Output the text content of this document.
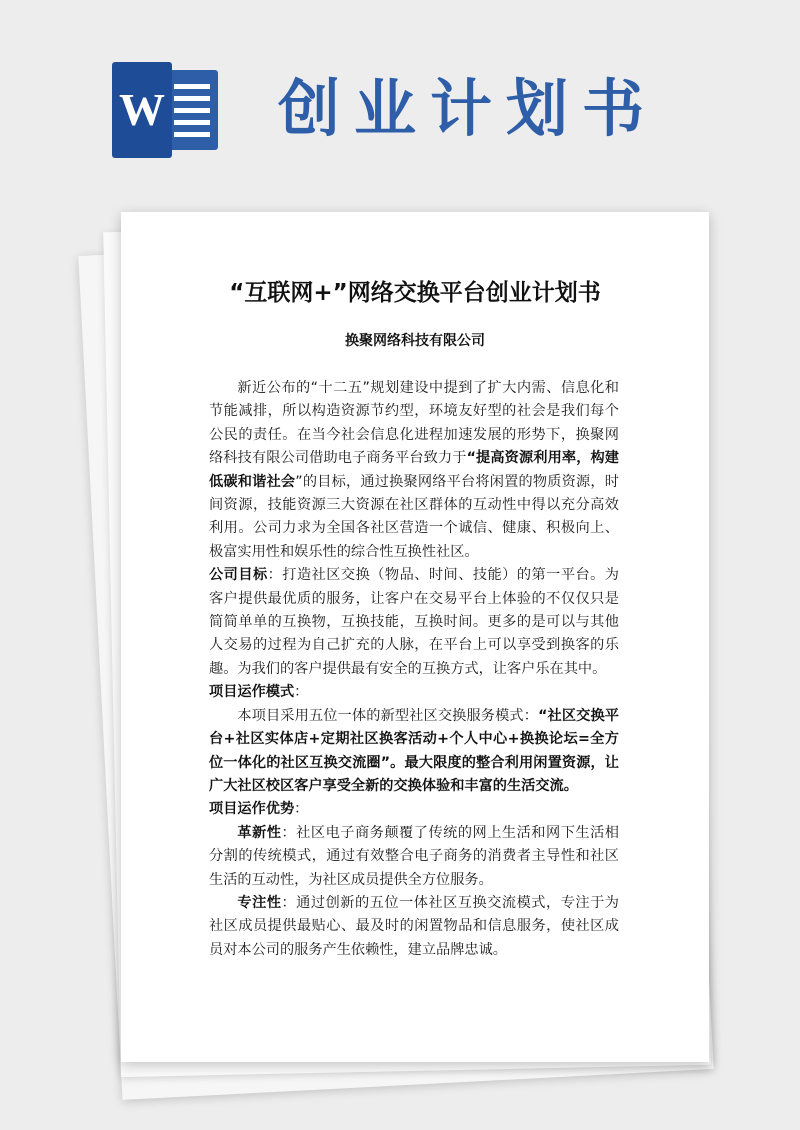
W 创业计划书
“互联网+”网络交换平台创业计划书
换聚网络科技有限公司

新近公布的“十二五”规划建设中提到了扩大内需、信息化和节能减排，所以构造资源节约型，环境友好型的社会是我们每个公民的责任。在当今社会信息化进程加速发展的形势下，换聚网络科技有限公司借助电子商务平台致力于“提高资源利用率，构建低碳和谐社会”的目标，通过换聚网络平台将闲置的物质资源，时间资源，技能资源三大资源在社区群体的互动性中得以充分高效利用。公司力求为全国各社区营造一个诚信、健康、积极向上、极富实用性和娱乐性的综合性互换性社区。

公司目标：打造社区交换（物品、时间、技能）的第一平台。为客户提供最优质的服务，让客户在交易平台上体验的不仅仅只是简简单单的互换物，互换技能，互换时间。更多的是可以与其他人交易的过程为自己扩充的人脉，在平台上可以享受到换客的乐趣。为我们的客户提供最有安全的互换方式，让客户乐在其中。

项目运作模式：

本项目采用五位一体的新型社区交换服务模式：“社区交换平台+社区实体店+定期社区换客活动+个人中心+换换论坛=全方位一体化的社区互换交流圈”。最大限度的整合利用闲置资源，让广大社区校区客户享受全新的交换体验和丰富的生活交流。

项目运作优势：

革新性：社区电子商务颠覆了传统的网上生活和网下生活相分割的传统模式，通过有效整合电子商务的消费者主导性和社区生活的互动性，为社区成员提供全方位服务。

专注性：通过创新的五位一体社区互换交流模式，专注于为社区成员提供最贴心、最及时的闲置物品和信息服务，使社区成员对本公司的服务产生依赖性，建立品牌忠诚。
